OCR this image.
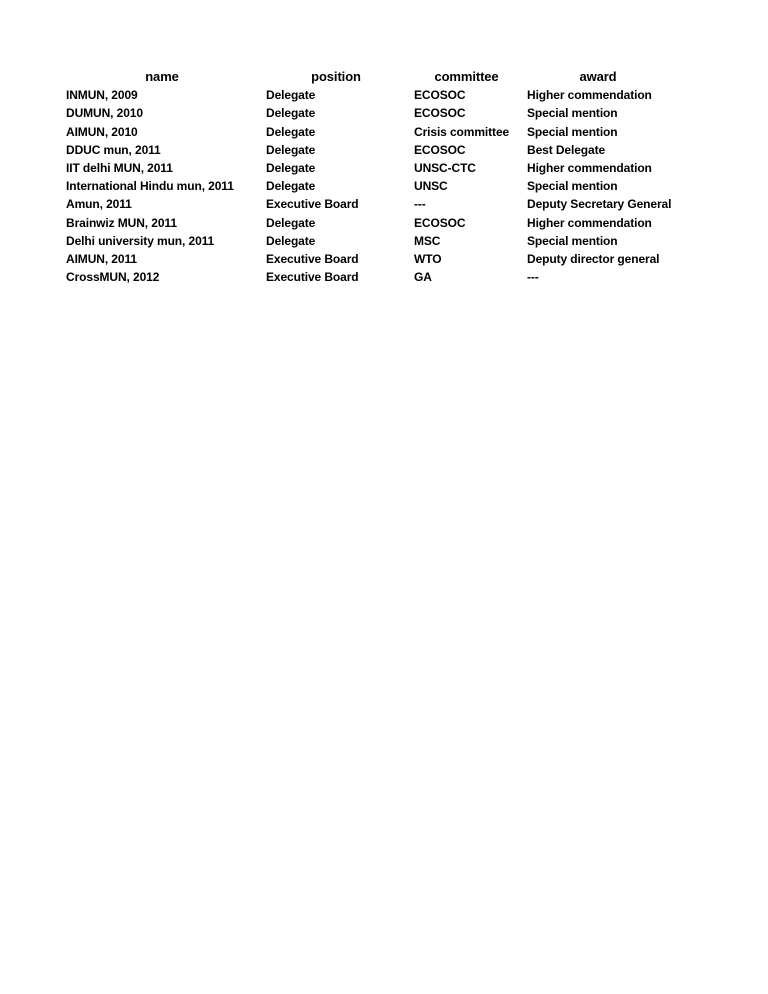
name	position	committee	award
INMUN, 2009	Delegate	ECOSOC	Higher commendation
DUMUN, 2010	Delegate	ECOSOC	Special mention
AIMUN, 2010	Delegate	Crisis committee	Special mention
DDUC mun, 2011	Delegate	ECOSOC	Best Delegate
IIT delhi MUN, 2011	Delegate	UNSC-CTC	Higher commendation
International Hindu mun, 2011	Delegate	UNSC	Special mention
Amun, 2011	Executive Board	---	Deputy Secretary General
Brainwiz MUN, 2011	Delegate	ECOSOC	Higher commendation
Delhi university mun, 2011	Delegate	MSC	Special mention
AIMUN, 2011	Executive Board	WTO	Deputy director general
CrossMUN, 2012	Executive Board	GA	---
